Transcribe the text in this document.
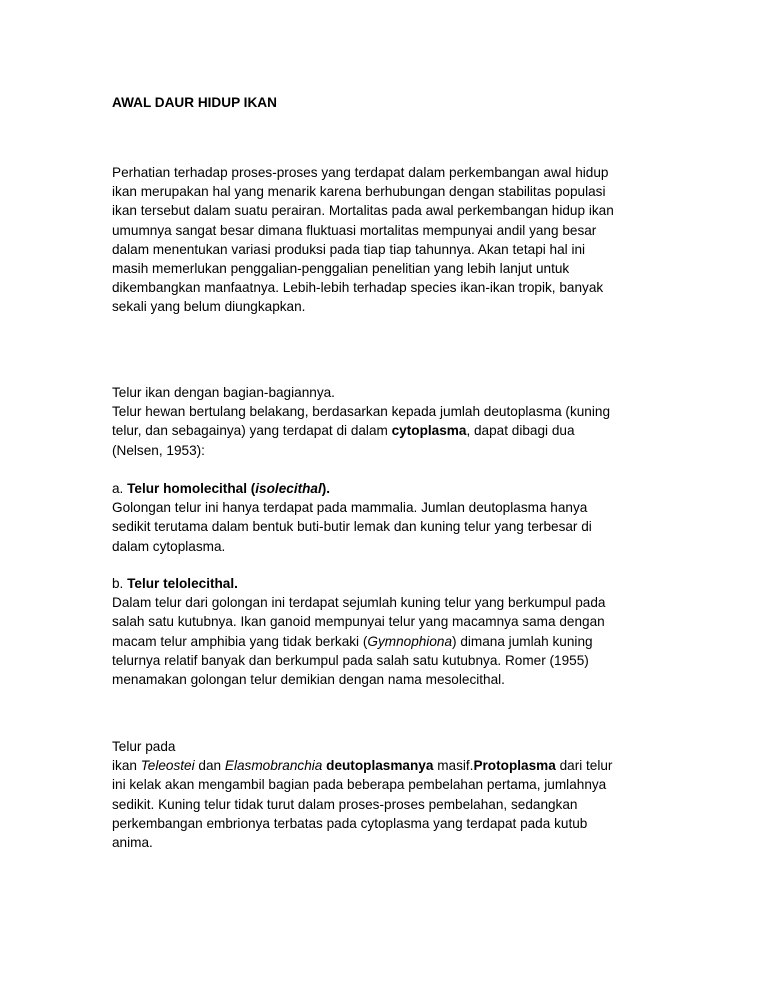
AWAL DAUR HIDUP IKAN

Perhatian terhadap proses-proses yang terdapat dalam perkembangan awal hidup
ikan merupakan hal yang menarik karena berhubungan dengan stabilitas populasi
ikan tersebut dalam suatu perairan. Mortalitas pada awal perkembangan hidup ikan
umumnya sangat besar dimana fluktuasi mortalitas mempunyai andil yang besar
dalam menentukan variasi produksi pada tiap tiap tahunnya. Akan tetapi hal ini
masih memerlukan penggalian-penggalian penelitian yang lebih lanjut untuk
dikembangkan manfaatnya. Lebih-lebih terhadap species ikan-ikan tropik, banyak
sekali yang belum diungkapkan.

Telur ikan dengan bagian-bagiannya.
Telur hewan bertulang belakang, berdasarkan kepada jumlah deutoplasma (kuning
telur, dan sebagainya) yang terdapat di dalam cytoplasma, dapat dibagi dua
(Nelsen, 1953):

a. Telur homolecithal (isolecithal).
Golongan telur ini hanya terdapat pada mammalia. Jumlan deutoplasma hanya
sedikit terutama dalam bentuk buti-butir lemak dan kuning telur yang terbesar di
dalam cytoplasma.

b. Telur telolecithal.
Dalam telur dari golongan ini terdapat sejumlah kuning telur yang berkumpul pada
salah satu kutubnya. Ikan ganoid mempunyai telur yang macamnya sama dengan
macam telur amphibia yang tidak berkaki (Gymnophiona) dimana jumlah kuning
telurnya relatif banyak dan berkumpul pada salah satu kutubnya. Romer (1955)
menamakan golongan telur demikian dengan nama mesolecithal.

Telur pada
ikan Teleostei dan Elasmobranchia deutoplasmanya masif.Protoplasma dari telur
ini kelak akan mengambil bagian pada beberapa pembelahan pertama, jumlahnya
sedikit. Kuning telur tidak turut dalam proses-proses pembelahan, sedangkan
perkembangan embrionya terbatas pada cytoplasma yang terdapat pada kutub
anima.
